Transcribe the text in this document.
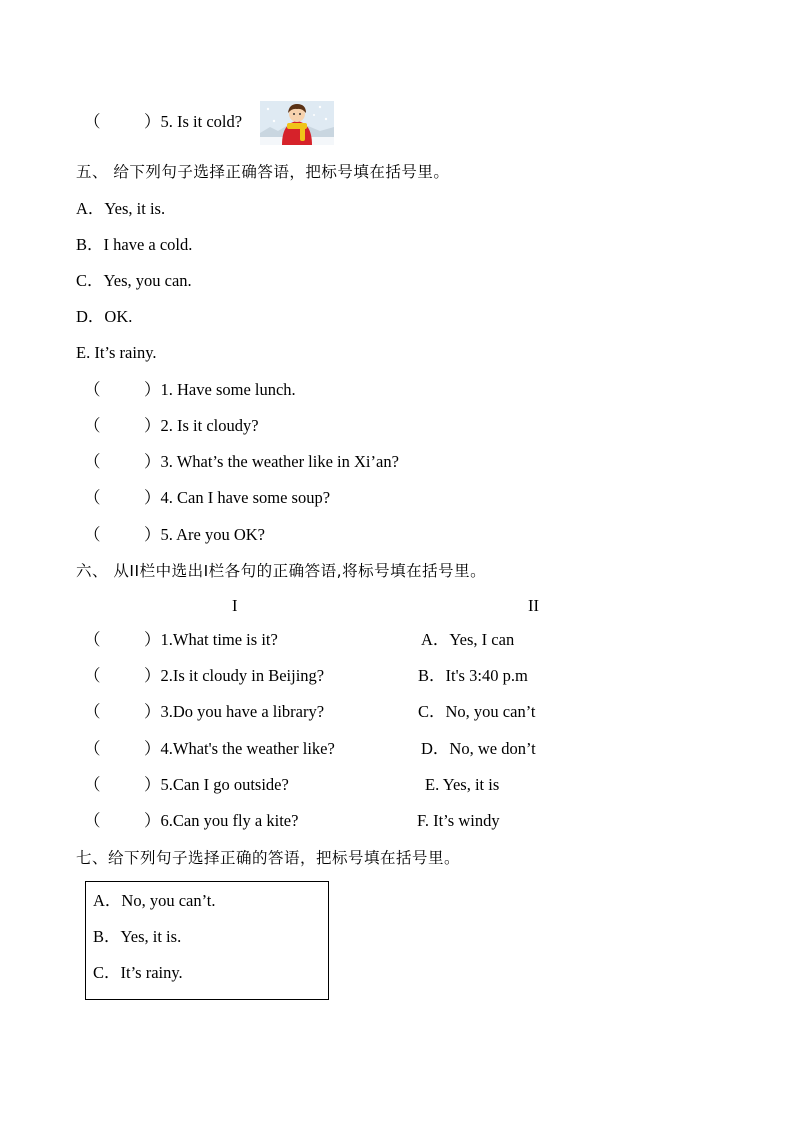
（	）5. Is it cold?
五、 给下列句子选择正确答语，把标号填在括号里。
A．Yes, it is.
B．I have a cold.
C．Yes, you can.
D．OK.
E. It’s rainy.
（	）1. Have some lunch.
（	）2. Is it cloudy?
（	）3. What’s the weather like in Xi’an?
（	）4. Can I have some soup?
（	）5. Are you OK?
六、 从II栏中选出I栏各句的正确答语,将标号填在括号里。
I	II
（	）1.What time is it?	A．Yes, I can
（	）2.Is it cloudy in Beijing?	B．It's 3:40 p.m
（	）3.Do you have a library?	C．No, you can’t
（	）4.What's the weather like?	D．No, we don’t
（	）5.Can I go outside?	E. Yes, it is
（	）6.Can you fly a kite?	F. It’s windy
七、给下列句子选择正确的答语，把标号填在括号里。
A．No, you can’t.
B．Yes, it is.
C．It’s rainy.
